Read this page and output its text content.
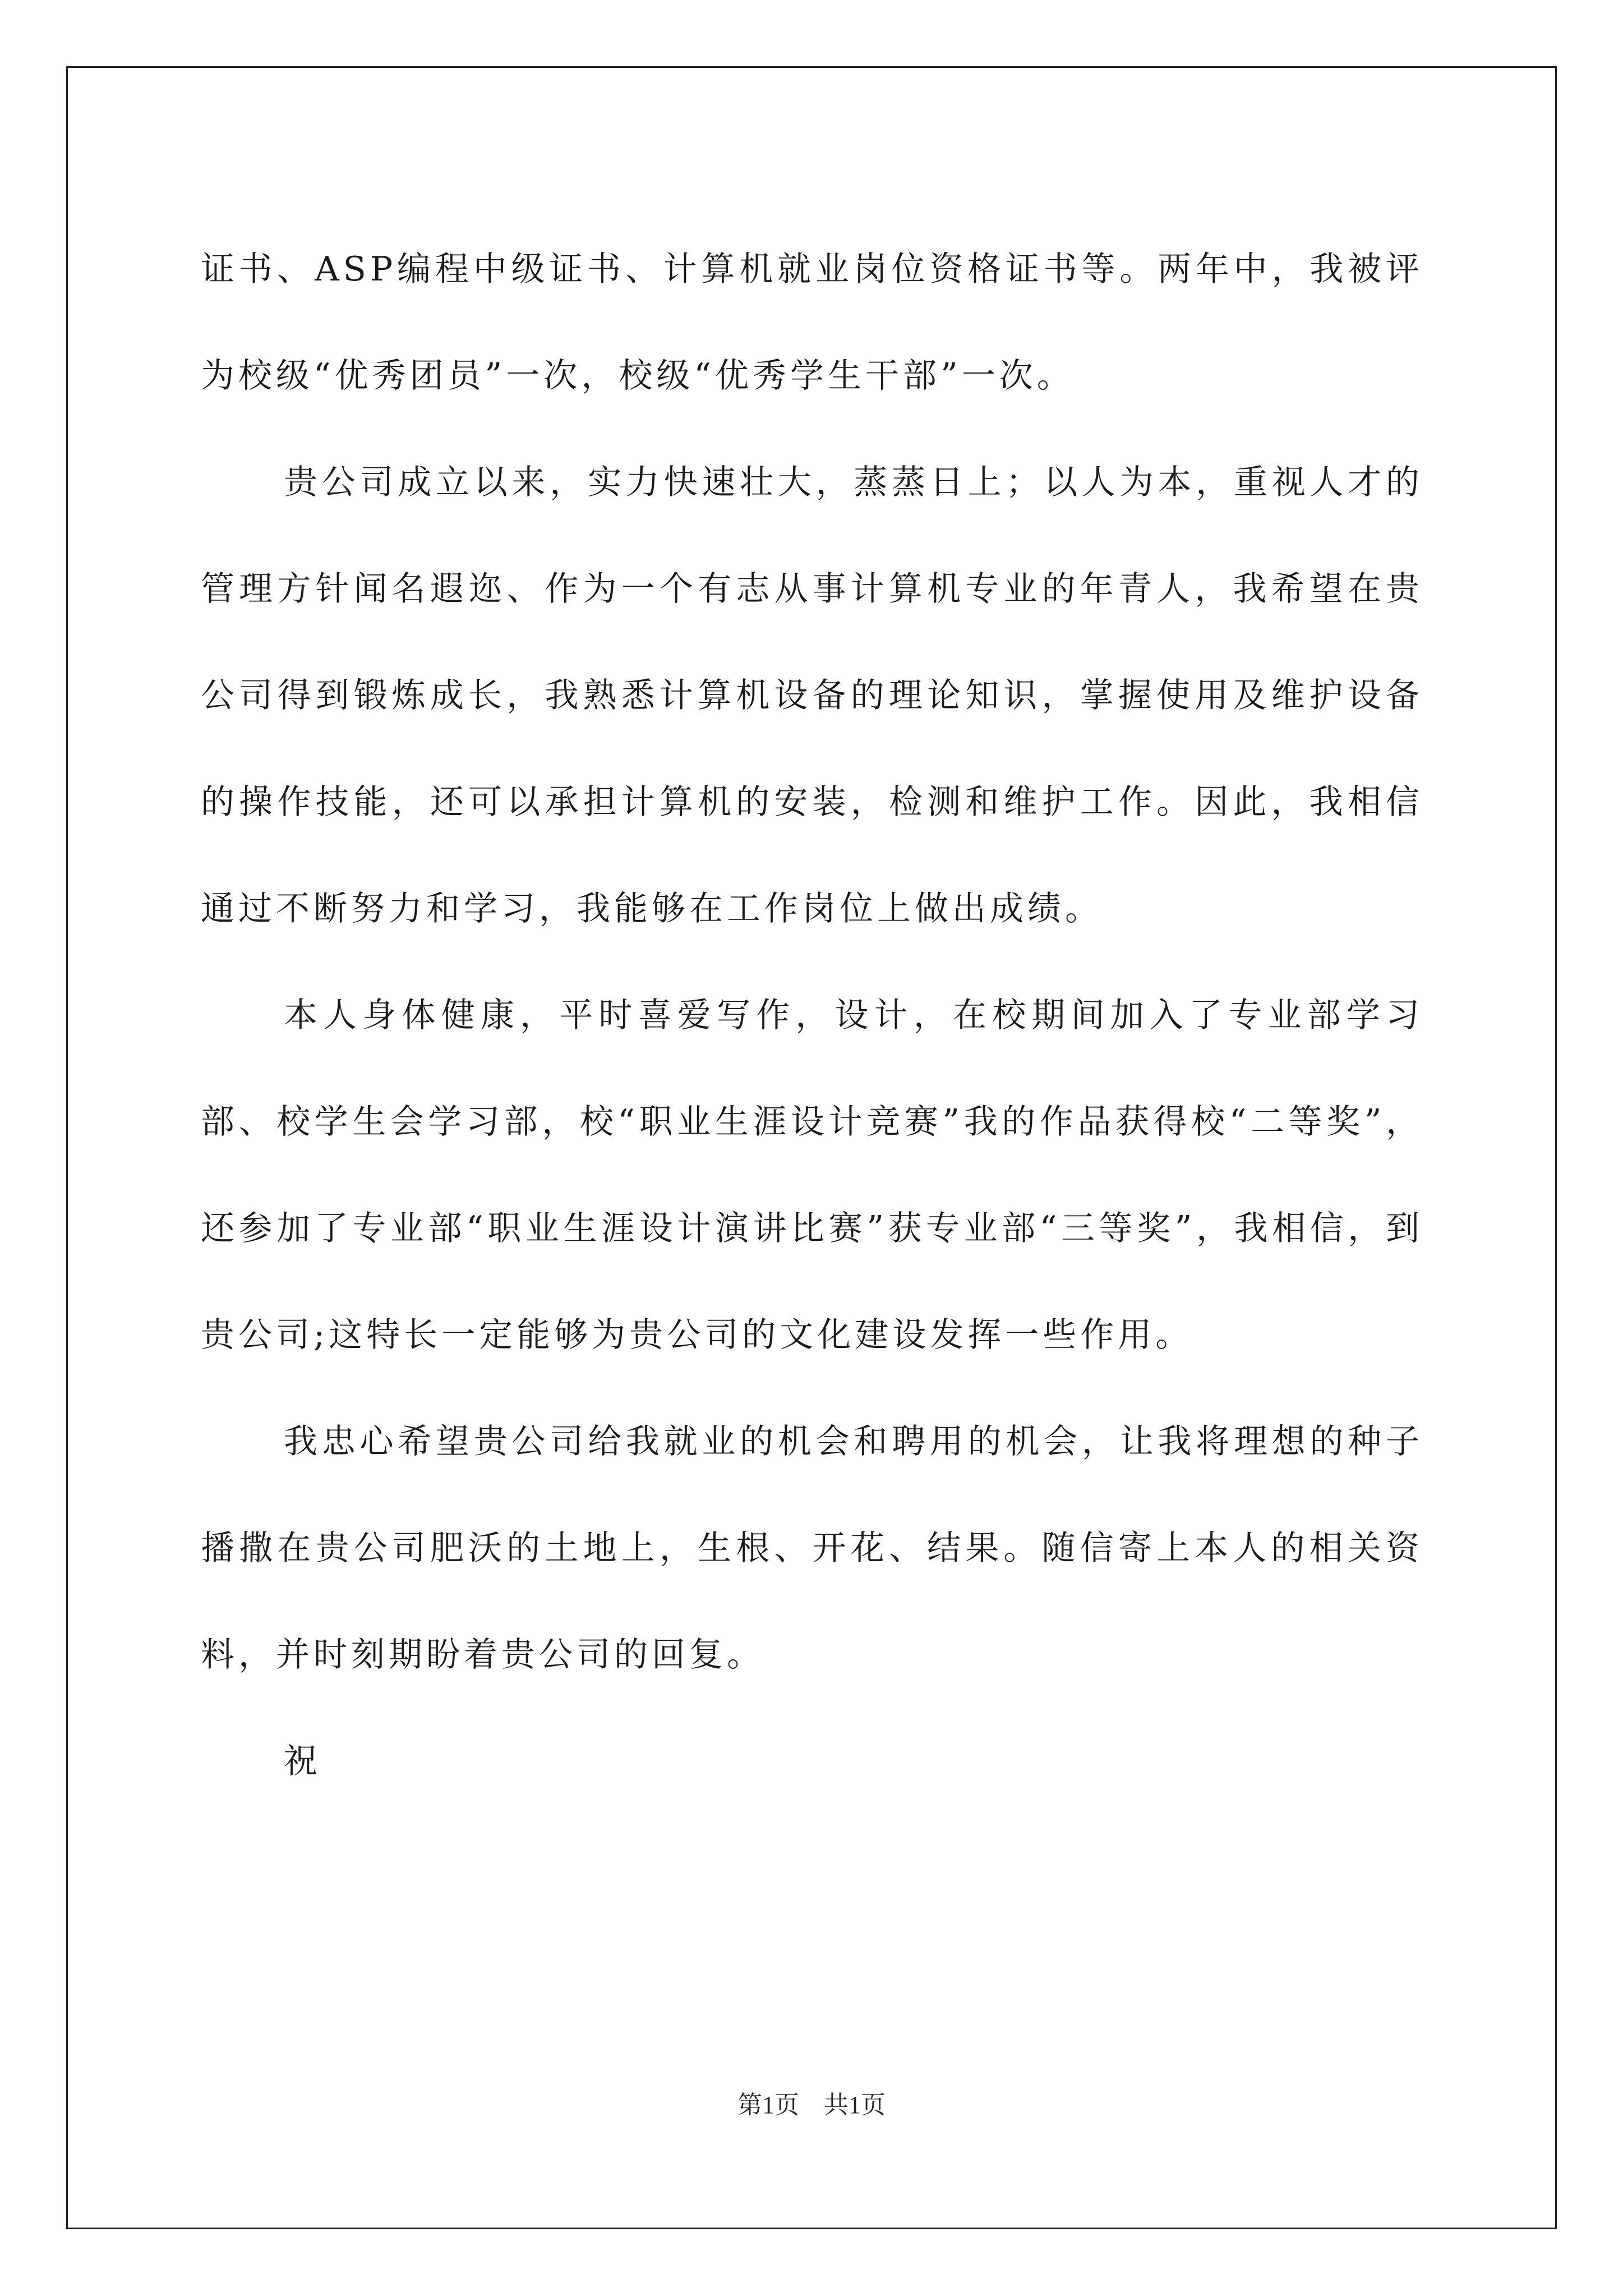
证书、ASP编程中级证书、计算机就业岗位资格证书等。两年中，我被评为校级“优秀团员”一次，校级“优秀学生干部”一次。

贵公司成立以来，实力快速壮大，蒸蒸日上；以人为本，重视人才的管理方针闻名遐迩、作为一个有志从事计算机专业的年青人，我希望在贵公司得到锻炼成长，我熟悉计算机设备的理论知识，掌握使用及维护设备的操作技能，还可以承担计算机的安装，检测和维护工作。因此，我相信通过不断努力和学习，我能够在工作岗位上做出成绩。

本人身体健康，平时喜爱写作，设计，在校期间加入了专业部学习部、校学生会学习部，校“职业生涯设计竞赛”我的作品获得校“二等奖”，还参加了专业部“职业生涯设计演讲比赛”获专业部“三等奖”，我相信，到贵公司;这特长一定能够为贵公司的文化建设发挥一些作用。

我忠心希望贵公司给我就业的机会和聘用的机会，让我将理想的种子播撒在贵公司肥沃的土地上，生根、开花、结果。随信寄上本人的相关资料，并时刻期盼着贵公司的回复。

祝

第1页 共1页
